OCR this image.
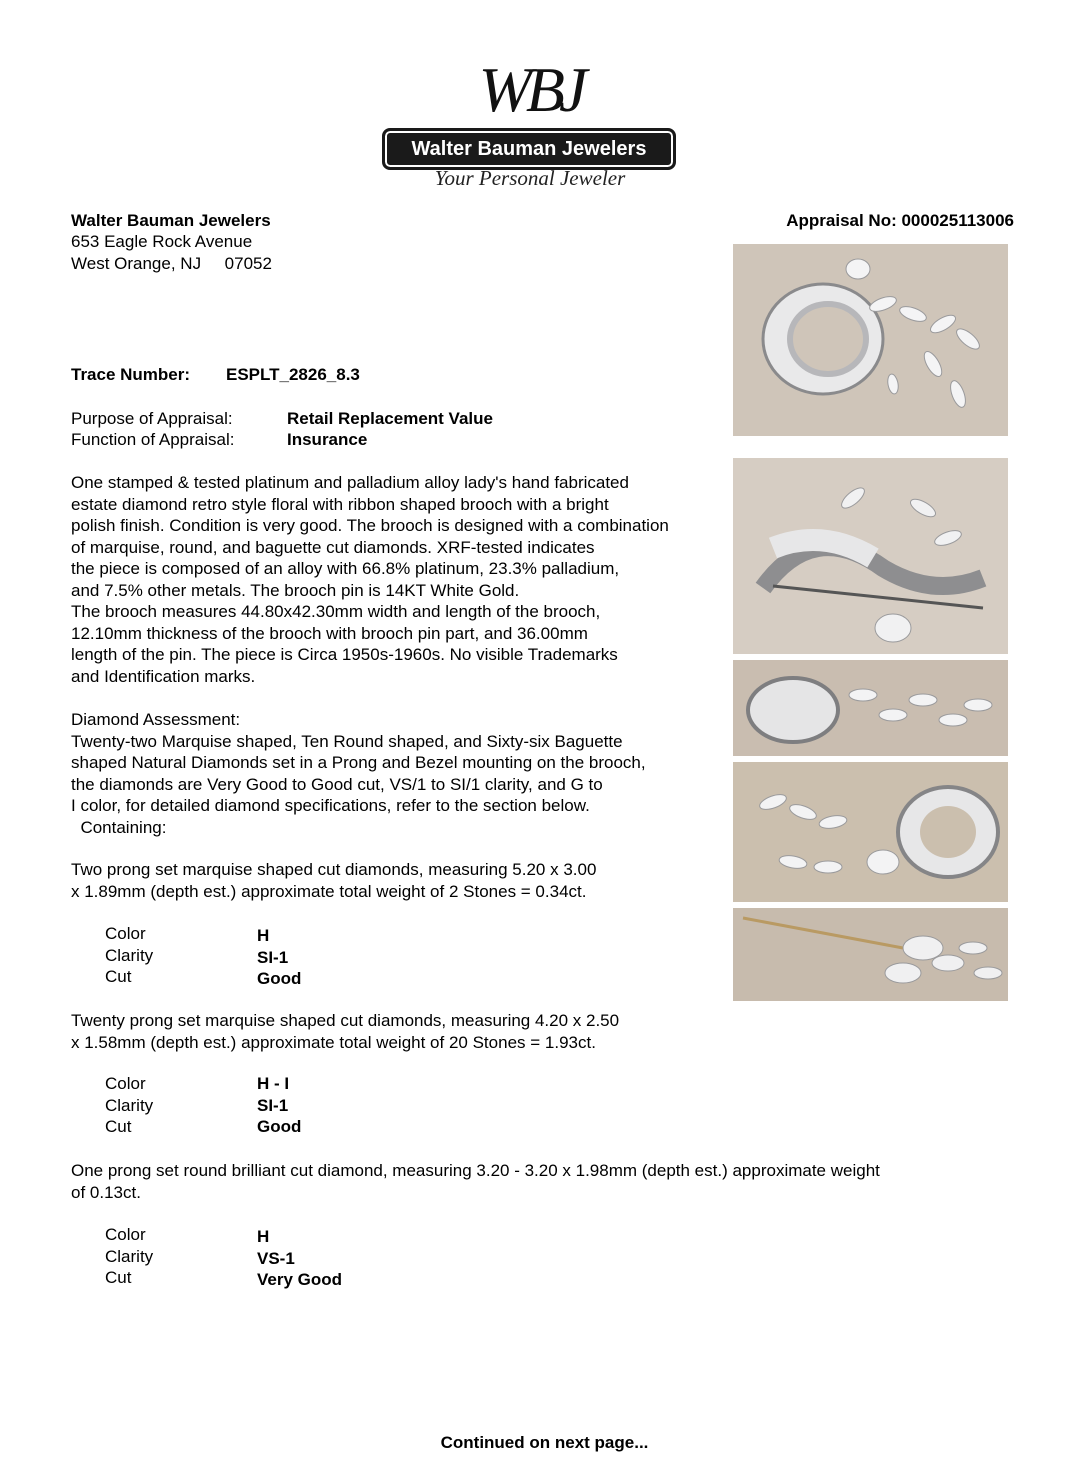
WBJ
Walter Bauman Jewelers
Your Personal Jeweler
Walter Bauman Jewelers
653 Eagle Rock Avenue
West Orange, NJ     07052
Appraisal No: 000025113006
Trace Number: ESPLT_2826_8.3
Purpose of Appraisal:	Retail Replacement Value
Function of Appraisal:	Insurance
One stamped & tested platinum and palladium alloy lady's hand fabricated
estate diamond retro style floral with ribbon shaped brooch with a bright
polish finish. Condition is very good. The brooch is designed with a combination
of marquise, round, and baguette cut diamonds. XRF-tested indicates
the piece is composed of an alloy with 66.8% platinum, 23.3% palladium,
and 7.5% other metals. The brooch pin is 14KT White Gold.
The brooch measures 44.80x42.30mm width and length of the brooch,
12.10mm thickness of the brooch with brooch pin part, and 36.00mm
length of the pin. The piece is Circa 1950s-1960s. No visible Trademarks
and Identification marks.
Diamond Assessment:
Twenty-two Marquise shaped, Ten Round shaped, and Sixty-six Baguette
shaped Natural Diamonds set in a Prong and Bezel mounting on the brooch,
the diamonds are Very Good to Good cut, VS/1 to SI/1 clarity, and G to
I color, for detailed diamond specifications, refer to the section below.
Containing:
Two prong set marquise shaped cut diamonds, measuring 5.20 x 3.00
x 1.89mm (depth est.) approximate total weight of 2 Stones = 0.34ct.
Color	H
Clarity	SI-1
Cut	Good
Twenty prong set marquise shaped cut diamonds, measuring 4.20 x 2.50
x 1.58mm (depth est.) approximate total weight of 20 Stones = 1.93ct.
Color	H - I
Clarity	SI-1
Cut	Good
One prong set round brilliant cut diamond, measuring 3.20 - 3.20 x 1.98mm (depth est.) approximate weight
of 0.13ct.
Color	H
Clarity	VS-1
Cut	Very Good
Continued on next page...
